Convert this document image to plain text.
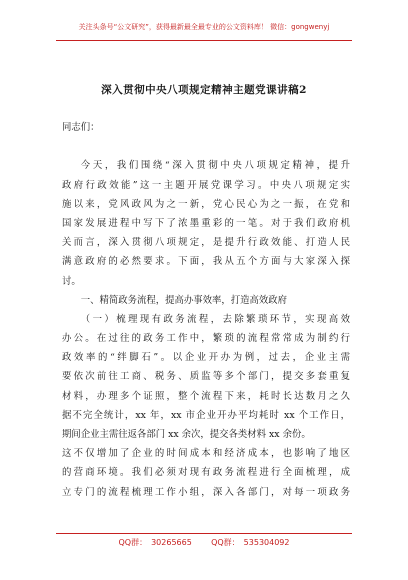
关注头条号“公文研究”，获得最新最全最专业的公文资料库！ 微信：gongwenyj
深入贯彻中央八项规定精神主题党课讲稿2
同志们：
今天，我们围绕“深入贯彻中央八项规定精神，提升
政府行政效能”这一主题开展党课学习。中央八项规定实
施以来，党风政风为之一新，党心民心为之一振，在党和
国家发展进程中写下了浓墨重彩的一笔。对于我们政府机
关而言，深入贯彻八项规定，是提升行政效能、打造人民
满意政府的必然要求。下面，我从五个方面与大家深入探
讨。
一、精简政务流程，提高办事效率，打造高效政府
（一）梳理现有政务流程，去除繁琐环节，实现高效
办公。在过往的政务工作中，繁琐的流程常常成为制约行
政效率的“绊脚石”。以企业开办为例，过去，企业主需
要依次前往工商、税务、质监等多个部门，提交多套重复
材料，办理多个证照，整个流程下来，耗时长达数月之久
据不完全统计，xx 年，xx 市企业开办平均耗时 xx 个工作日，
期间企业主需往返各部门 xx 余次，提交各类材料 xx 余份。
这不仅增加了企业的时间成本和经济成本，也影响了地区
的营商环境。我们必须对现有政务流程进行全面梳理，成
立专门的流程梳理工作小组，深入各部门，对每一项政务
QQ群： 30265665 QQ群： 535304092
